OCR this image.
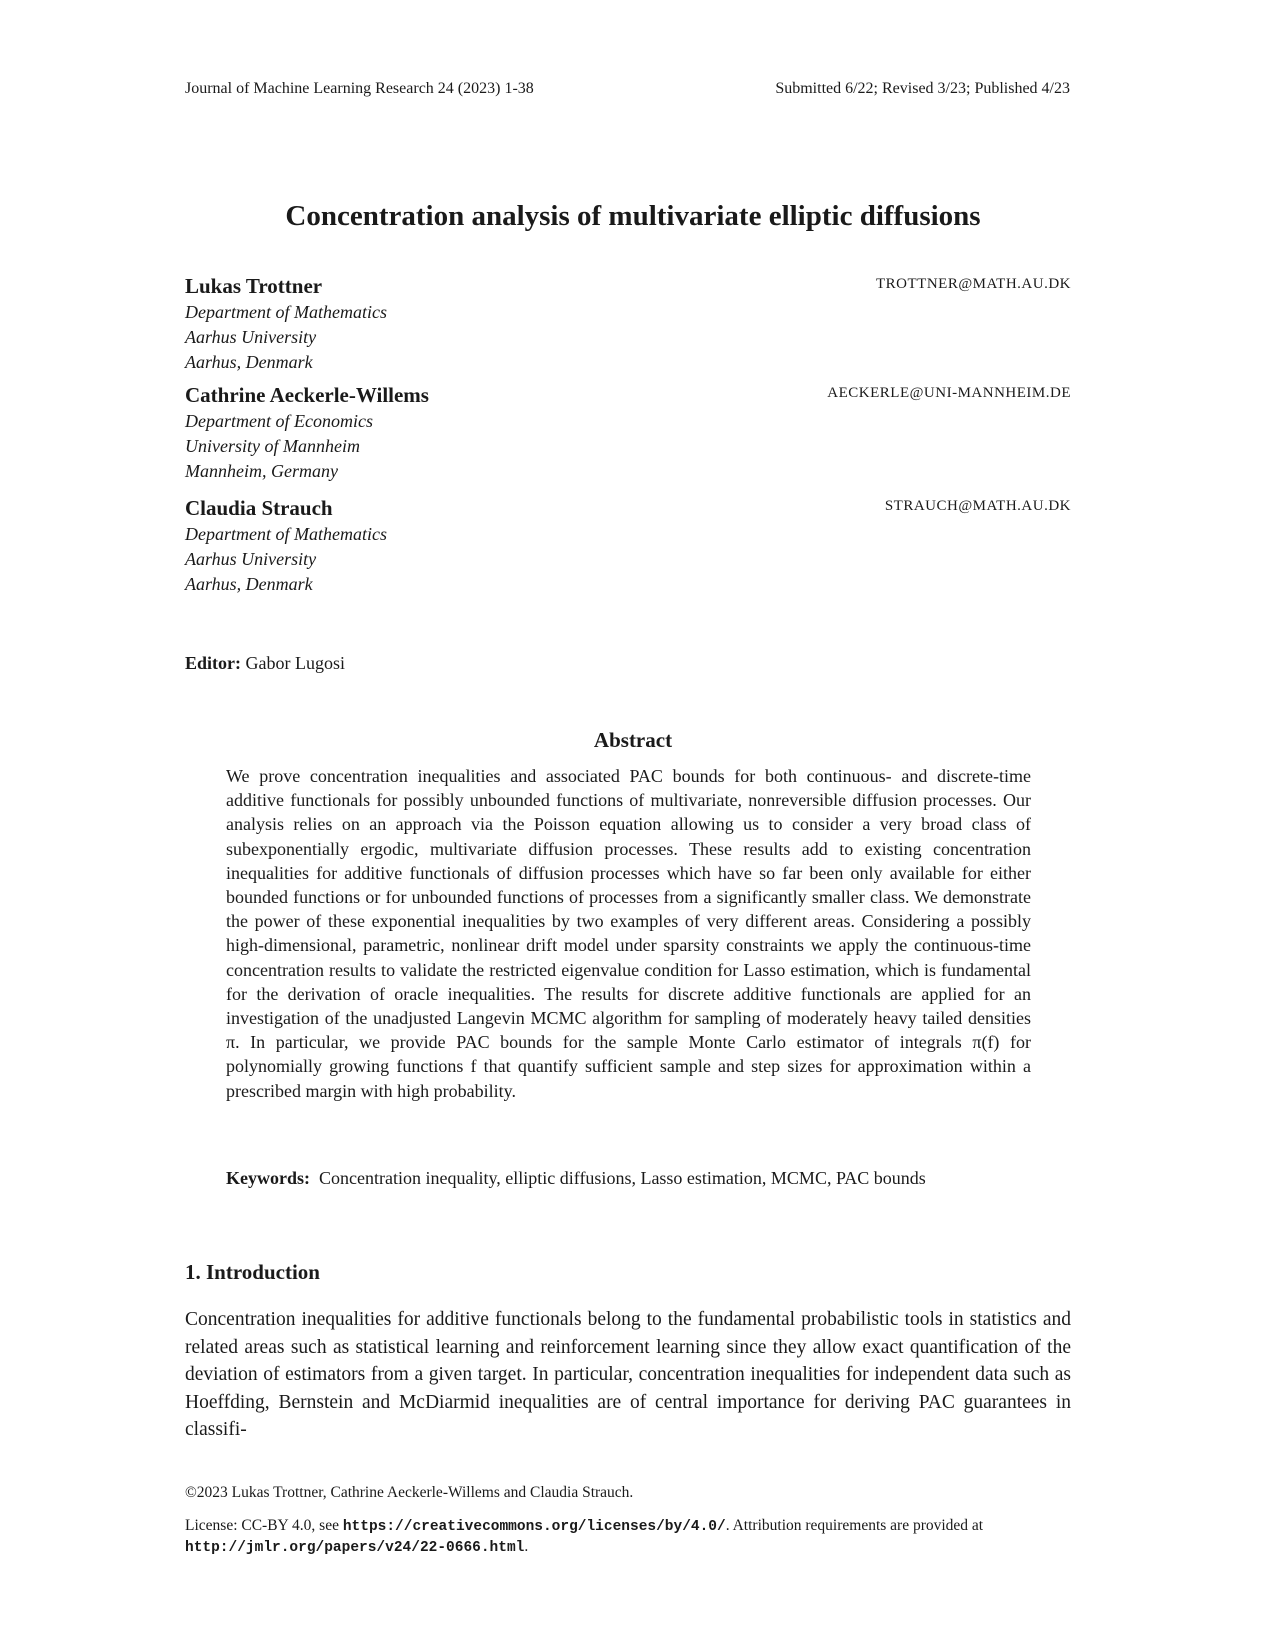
Journal of Machine Learning Research 24 (2023) 1-38	Submitted 6/22; Revised 3/23; Published 4/23
Concentration analysis of multivariate elliptic diffusions
Lukas Trottner	TROTTNER@MATH.AU.DK
Department of Mathematics
Aarhus University
Aarhus, Denmark
Cathrine Aeckerle-Willems	AECKERLE@UNI-MANNHEIM.DE
Department of Economics
University of Mannheim
Mannheim, Germany
Claudia Strauch	STRAUCH@MATH.AU.DK
Department of Mathematics
Aarhus University
Aarhus, Denmark
Editor: Gabor Lugosi
Abstract

We prove concentration inequalities and associated PAC bounds for both continuous- and discrete-time additive functionals for possibly unbounded functions of multivariate, nonreversible diffusion processes. Our analysis relies on an approach via the Poisson equation allowing us to consider a very broad class of subexponentially ergodic, multivariate diffusion processes. These results add to existing concentration inequalities for additive functionals of diffusion processes which have so far been only available for either bounded functions or for unbounded functions of processes from a significantly smaller class. We demonstrate the power of these exponential inequalities by two examples of very different areas. Considering a possibly high-dimensional, parametric, nonlinear drift model under sparsity constraints we apply the continuous-time concentration results to validate the restricted eigenvalue condition for Lasso estimation, which is fundamental for the derivation of oracle inequalities. The results for discrete additive functionals are applied for an investigation of the unadjusted Langevin MCMC algorithm for sampling of moderately heavy tailed densities π. In particular, we provide PAC bounds for the sample Monte Carlo estimator of integrals π(f) for polynomially growing functions f that quantify sufficient sample and step sizes for approximation within a prescribed margin with high probability.

Keywords: Concentration inequality, elliptic diffusions, Lasso estimation, MCMC, PAC bounds

1. Introduction

Concentration inequalities for additive functionals belong to the fundamental probabilistic tools in statistics and related areas such as statistical learning and reinforcement learning since they allow exact quantification of the deviation of estimators from a given target. In particular, concentration inequalities for independent data such as Hoeffding, Bernstein and McDiarmid inequalities are of central importance for deriving PAC guarantees in classifi-

©2023 Lukas Trottner, Cathrine Aeckerle-Willems and Claudia Strauch.

License: CC-BY 4.0, see https://creativecommons.org/licenses/by/4.0/. Attribution requirements are provided at http://jmlr.org/papers/v24/22-0666.html.
